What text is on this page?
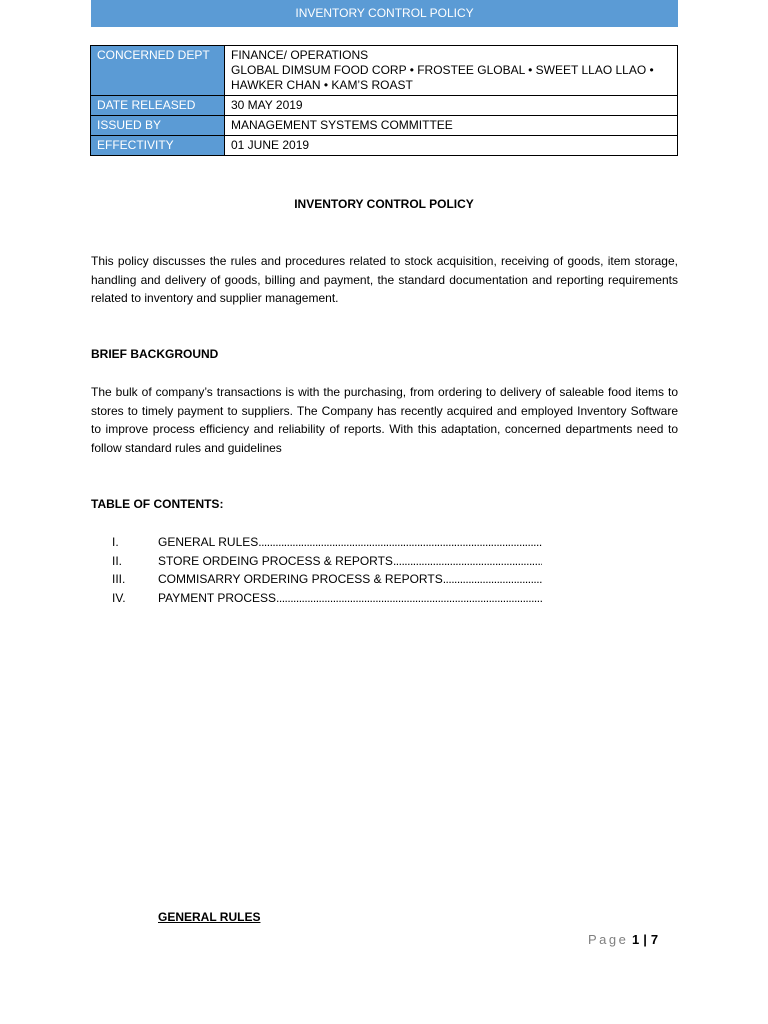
INVENTORY CONTROL POLICY
CONCERNED DEPT	FINANCE/ OPERATIONS
GLOBAL DIMSUM FOOD CORP • FROSTEE GLOBAL • SWEET LLAO LLAO •
HAWKER CHAN • KAM’S ROAST

DATE RELEASED	30 MAY 2019
ISSUED BY	MANAGEMENT SYSTEMS COMMITTEE
EFFECTIVITY	01 JUNE 2019
INVENTORY CONTROL POLICY

This policy discusses the rules and procedures related to stock acquisition, receiving of goods, item storage, handling and delivery of goods, billing and payment, the standard documentation and reporting requirements related to inventory and supplier management.

BRIEF BACKGROUND

The bulk of company’s transactions is with the purchasing, from ordering to delivery of saleable food items to stores to timely payment to suppliers. The Company has recently acquired and employed Inventory Software to improve process efficiency and reliability of reports. With this adaptation, concerned departments need to follow standard rules and guidelines

TABLE OF CONTENTS:

I.	GENERAL RULES
.....
II.	STORE ORDEING PROCESS & REPORTS
.....
III.	COMMISARRY ORDERING PROCESS & REPORTS
.....
IV.	PAYMENT PROCESS
.....
GENERAL RULES
Page 1 | 7
